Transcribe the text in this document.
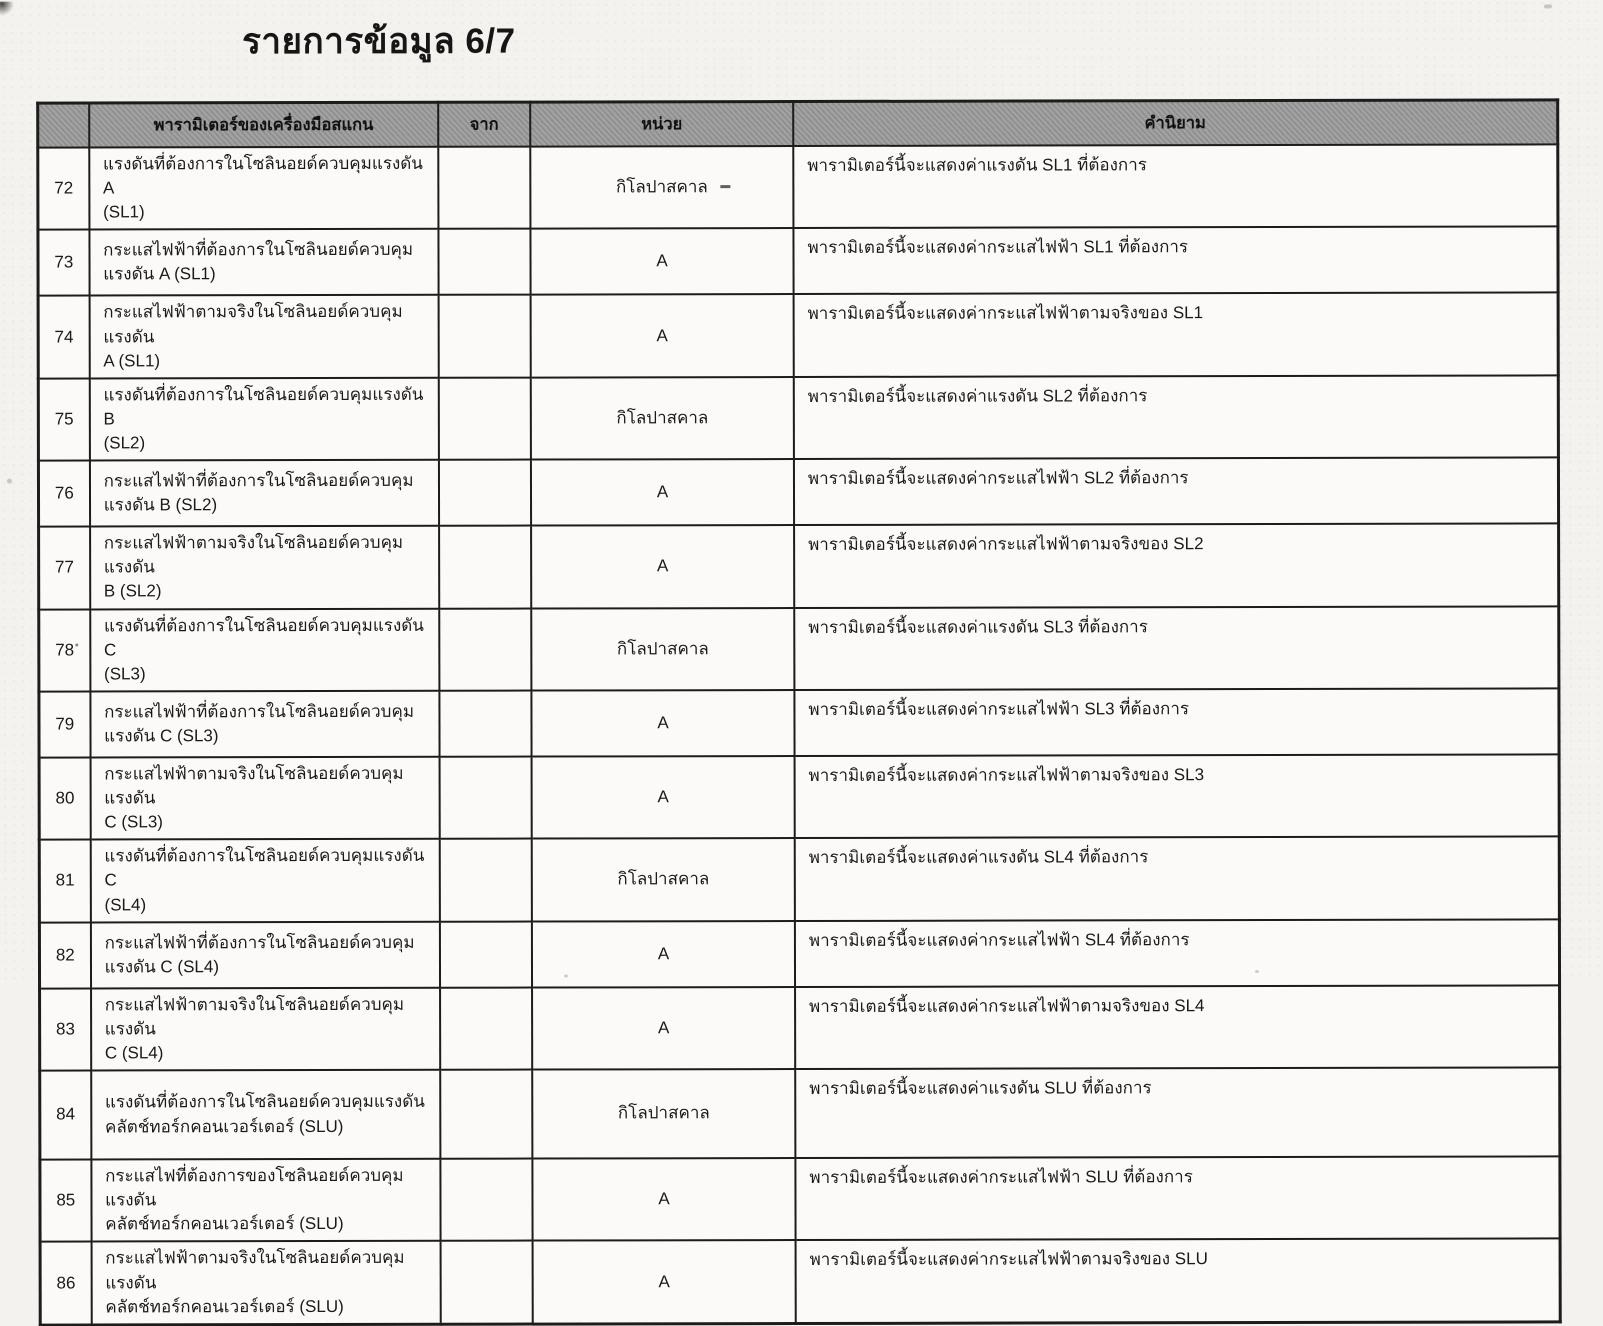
รายการข้อมูล 6/7
	พารามิเตอร์ของเครื่องมือสแกน	จาก	หน่วย	คำนิยาม
72	แรงดันที่ต้องการในโซลินอยด์ควบคุมแรงดัน A
(SL1)		กิโลปาสคาล	พารามิเตอร์นี้จะแสดงค่าแรงดัน SL1 ที่ต้องการ
73	กระแสไฟฟ้าที่ต้องการในโซลินอยด์ควบคุม
แรงดัน A (SL1)		A	พารามิเตอร์นี้จะแสดงค่ากระแสไฟฟ้า SL1 ที่ต้องการ
74	กระแสไฟฟ้าตามจริงในโซลินอยด์ควบคุมแรงดัน
A (SL1)		A	พารามิเตอร์นี้จะแสดงค่ากระแสไฟฟ้าตามจริงของ SL1
75	แรงดันที่ต้องการในโซลินอยด์ควบคุมแรงดัน B
(SL2)		กิโลปาสคาล	พารามิเตอร์นี้จะแสดงค่าแรงดัน SL2 ที่ต้องการ
76	กระแสไฟฟ้าที่ต้องการในโซลินอยด์ควบคุม
แรงดัน B (SL2)		A	พารามิเตอร์นี้จะแสดงค่ากระแสไฟฟ้า SL2 ที่ต้องการ
77	กระแสไฟฟ้าตามจริงในโซลินอยด์ควบคุมแรงดัน
B (SL2)		A	พารามิเตอร์นี้จะแสดงค่ากระแสไฟฟ้าตามจริงของ SL2
78	แรงดันที่ต้องการในโซลินอยด์ควบคุมแรงดัน C
(SL3)		กิโลปาสคาล	พารามิเตอร์นี้จะแสดงค่าแรงดัน SL3 ที่ต้องการ
79	กระแสไฟฟ้าที่ต้องการในโซลินอยด์ควบคุม
แรงดัน C (SL3)		A	พารามิเตอร์นี้จะแสดงค่ากระแสไฟฟ้า SL3 ที่ต้องการ
80	กระแสไฟฟ้าตามจริงในโซลินอยด์ควบคุมแรงดัน
C (SL3)		A	พารามิเตอร์นี้จะแสดงค่ากระแสไฟฟ้าตามจริงของ SL3
81	แรงดันที่ต้องการในโซลินอยด์ควบคุมแรงดัน C
(SL4)		กิโลปาสคาล	พารามิเตอร์นี้จะแสดงค่าแรงดัน SL4 ที่ต้องการ
82	กระแสไฟฟ้าที่ต้องการในโซลินอยด์ควบคุม
แรงดัน C (SL4)		A	พารามิเตอร์นี้จะแสดงค่ากระแสไฟฟ้า SL4 ที่ต้องการ
83	กระแสไฟฟ้าตามจริงในโซลินอยด์ควบคุมแรงดัน
C (SL4)		A	พารามิเตอร์นี้จะแสดงค่ากระแสไฟฟ้าตามจริงของ SL4
84	แรงดันที่ต้องการในโซลินอยด์ควบคุมแรงดัน
คลัตช์ทอร์กคอนเวอร์เตอร์ (SLU)		กิโลปาสคาล	พารามิเตอร์นี้จะแสดงค่าแรงดัน SLU ที่ต้องการ
85	กระแสไฟที่ต้องการของโซลินอยด์ควบคุมแรงดัน
คลัตช์ทอร์กคอนเวอร์เตอร์ (SLU)		A	พารามิเตอร์นี้จะแสดงค่ากระแสไฟฟ้า SLU ที่ต้องการ
86	กระแสไฟฟ้าตามจริงในโซลินอยด์ควบคุมแรงดัน
คลัตช์ทอร์กคอนเวอร์เตอร์ (SLU)		A	พารามิเตอร์นี้จะแสดงค่ากระแสไฟฟ้าตามจริงของ SLU
